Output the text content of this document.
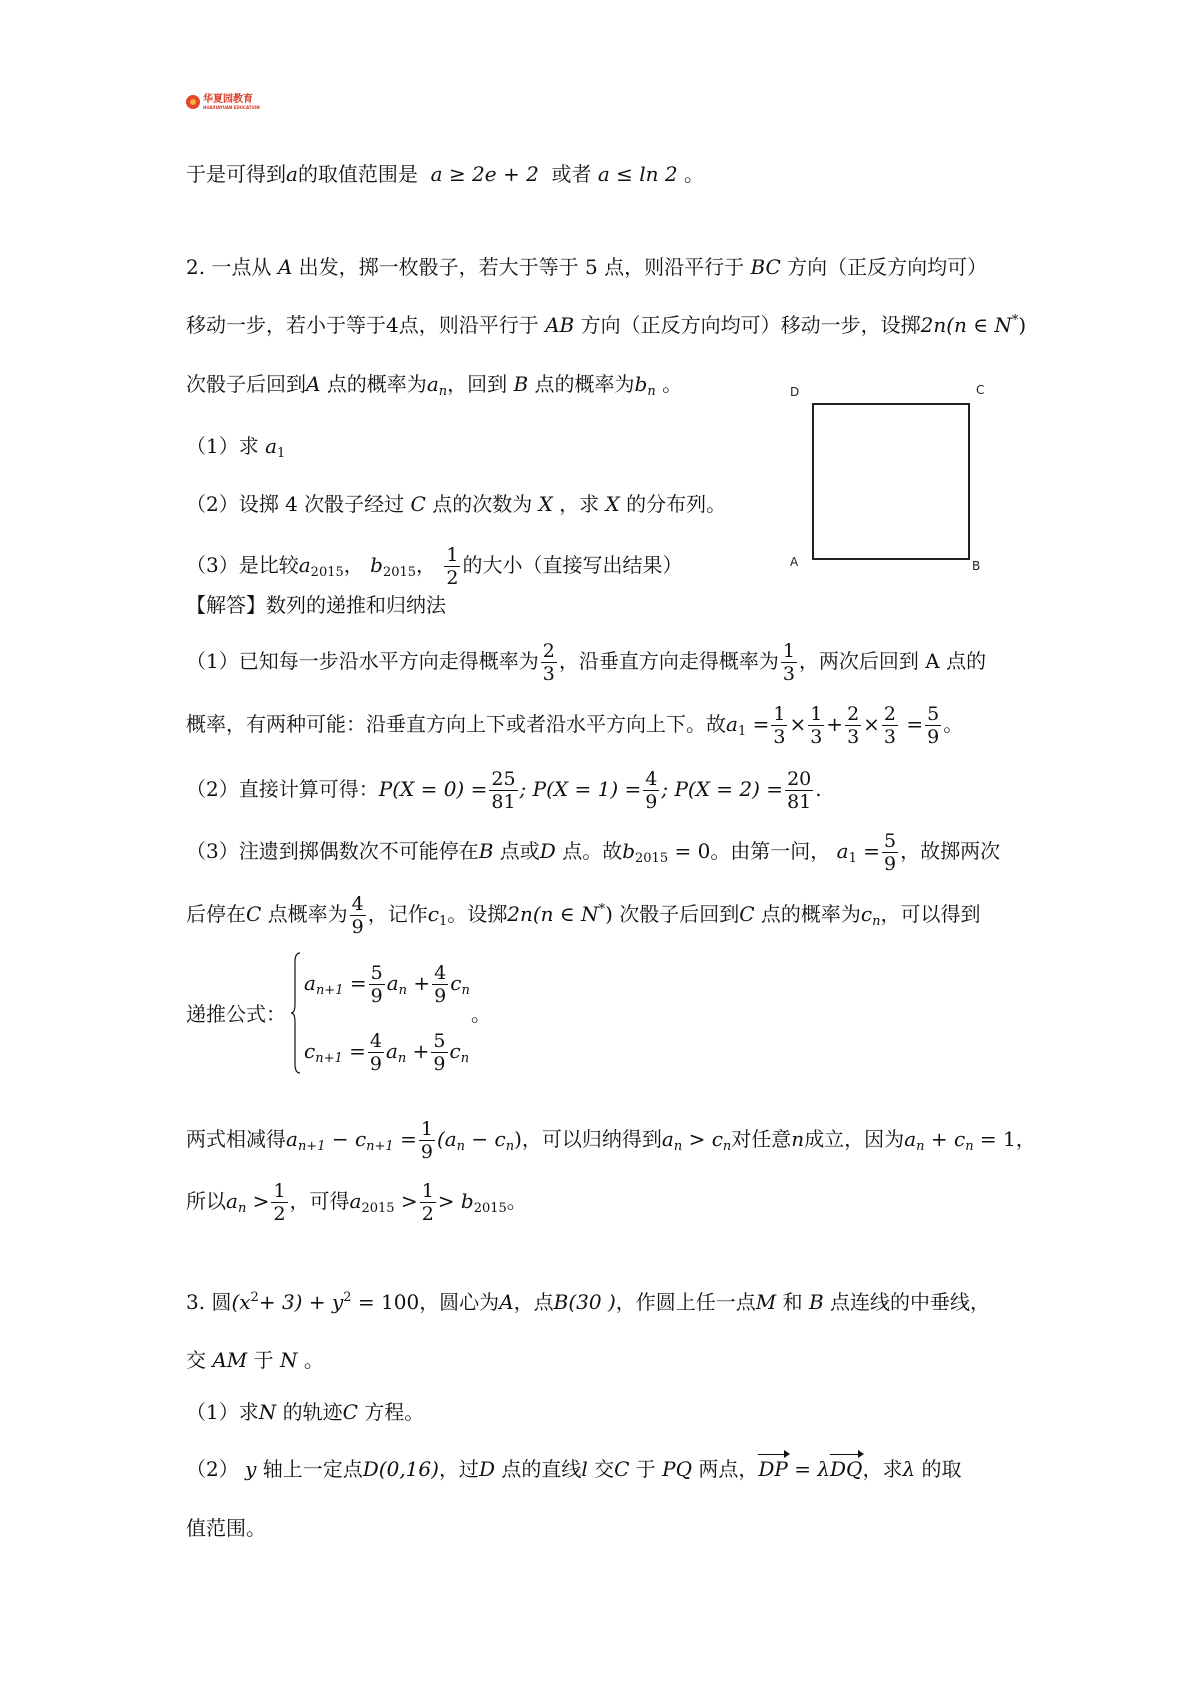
华夏园教育
HUAXIAYUAN EDUCATION
于是可得到a的取值范围是 a ≥ 2e + 2 或者 a ≤ ln 2 。
2. 一点从 A 出发，掷一枚骰子，若大于等于 5 点，则沿平行于 BC 方向（正反方向均可）
移动一步，若小于等于4点，则沿平行于 AB 方向（正反方向均可）移动一步，设掷2n(n ∈ N*)
次骰子后回到A 点的概率为$a_n$，回到 B 点的概率为$b_n$ 。
（1）求 $a_1$
（2）设掷 4 次骰子经过 C 点的次数为 X ，求 X 的分布列。
（3）是比较$a_{2015}$， $b_{2015}$， $\frac{1}{2}$ 的大小（直接写出结果）
D	C
A	B
【解答】数列的递推和归纳法
（1）已知每一步沿水平方向走得概率为 $\frac{2}{3}$ ，沿垂直方向走得概率为 $\frac{1}{3}$ ，两次后回到 A 点的
概率，有两种可能：沿垂直方向上下或者沿水平方向上下。故$a_1 = \frac{1}{3} \times \frac{1}{3} + \frac{2}{3} \times \frac{2}{3} = \frac{5}{9}$ 。
（2）直接计算可得：$P(X = 0) = \frac{25}{81}$ ; $P(X = 1) = \frac{4}{9}$ ; $P(X = 2) = \frac{20}{81}$ .
（3）注遗到掷偶数次不可能停在B 点或D 点。故$b_{2015} = 0$。由第一问， $a_1 = \frac{5}{9}$ ，故掷两次
后停在C 点概率为 $\frac{4}{9}$ ，记作$c_1$。设掷2n(n ∈ N*) 次骰子后回到C 点的概率为$c_n$，可以得到
递推公式：
$a_{n+1} = \frac{5}{9} a_n + \frac{4}{9} c_n$
$c_{n+1} = \frac{4}{9} a_n + \frac{5}{9} c_n$
。
两式相减得$a_{n+1} - c_{n+1} = \frac{1}{9} (a_n - c_n)$，可以归纳得到$a_n > c_n$对任意n成立，因为$a_n + c_n = 1$，
所以$a_n > \frac{1}{2}$ ，可得$a_{2015} > \frac{1}{2} > b_{2015}$。
3. 圆$(x^2+ 3) + y^2 = 100$，圆心为A，点B(30 )，作圆上任一点M 和 B 点连线的中垂线，
交 AM 于 N 。
（1）求N 的轨迹C 方程。
（2） y 轴上一定点D(0,16)，过D 点的直线l 交C 于 PQ 两点，DP = λDQ，求λ 的取
值范围。
